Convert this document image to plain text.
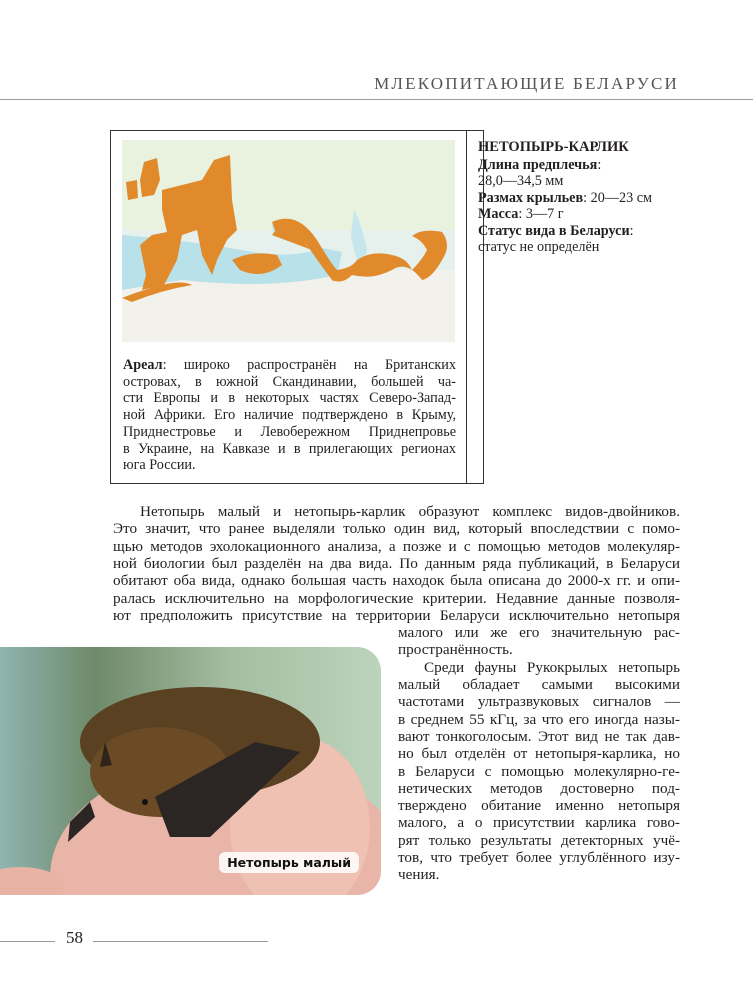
МЛЕКОПИТАЮЩИЕ БЕЛАРУСИ
НЕТОПЫРЬ-КАРЛИК
Длина предплечья:
28,0—34,5 мм
Размах крыльев: 20—23 см
Масса: 3—7 г
Статус вида в Беларуси:
статус не определён
Ареал: широко распространён на Британских
островах, в южной Скандинавии, большей ча-
сти Европы и в некоторых частях Северо-Запад-
ной Африки. Его наличие подтверждено в Крыму,
Приднестровье и Левобережном Приднепровье
в Украине, на Кавказе и в прилегающих регионах
юга России.
Нетопырь малый и нетопырь-карлик образуют комплекс видов-двойников.
Это значит, что ранее выделяли только один вид, который впоследствии с помо-
щью методов эхолокационного анализа, а позже и с помощью методов молекуляр-
ной биологии был разделён на два вида. По данным ряда публикаций, в Беларуси
обитают оба вида, однако большая часть находок была описана до 2000-х гг. и опи-
ралась исключительно на морфологические критерии. Недавние данные позволя-
ют предположить присутствие на территории Беларуси исключительно нетопыря
малого или же его значительную рас-
пространённость.
Среди фауны Рукокрылых нетопырь
малый обладает самыми высокими
частотами ультразвуковых сигналов —
в среднем 55 кГц, за что его иногда назы-
вают тонкоголосым. Этот вид не так дав-
но был отделён от нетопыря-карлика, но
в Беларуси с помощью молекулярно-ге-
нетических методов достоверно под-
тверждено обитание именно нетопыря
малого, а о присутствии карлика гово-
рят только результаты детекторных учё-
тов, что требует более углублённого изу-
чения.
Нетопырь малый
58
